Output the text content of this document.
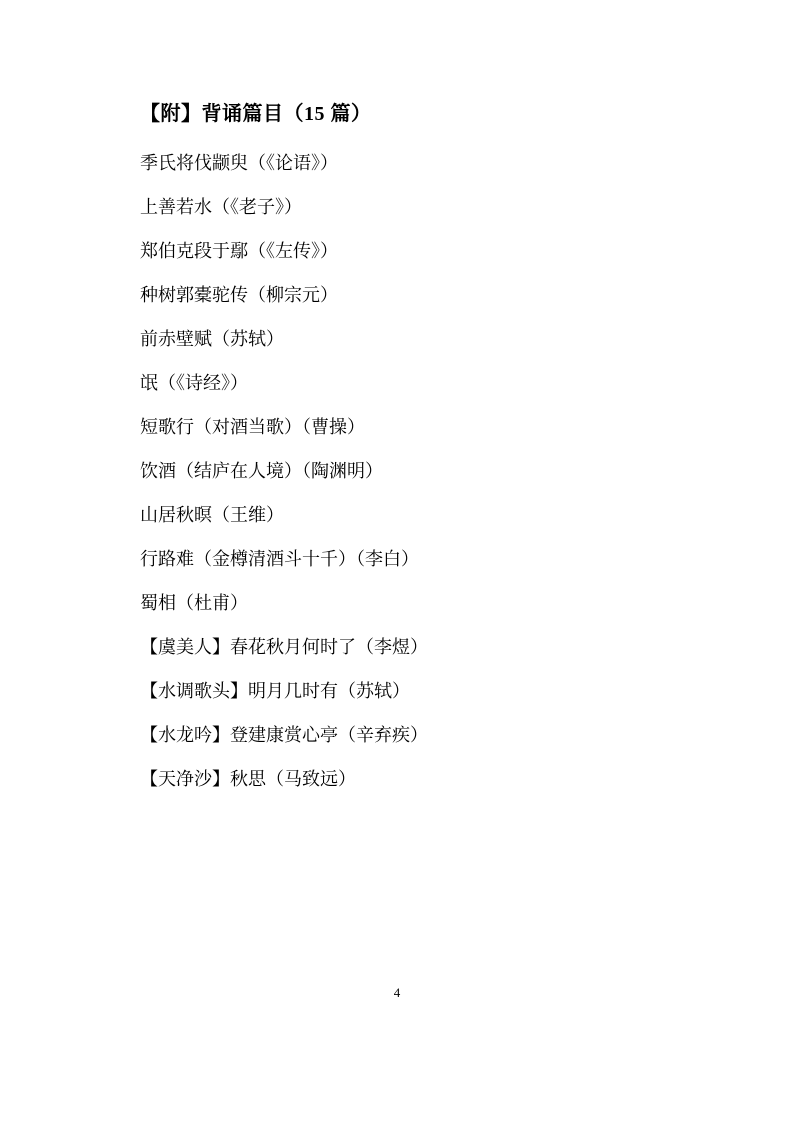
【附】背诵篇目（15 篇）
季氏将伐颛臾（《论语》）
上善若水（《老子》）
郑伯克段于鄢（《左传》）
种树郭橐驼传（柳宗元）
前赤壁赋（苏轼）
氓（《诗经》）
短歌行（对酒当歌）（曹操）
饮酒（结庐在人境）（陶渊明）
山居秋暝（王维）
行路难（金樽清酒斗十千）（李白）
蜀相（杜甫）
【虞美人】春花秋月何时了（李煜）
【水调歌头】明月几时有（苏轼）
【水龙吟】登建康赏心亭（辛弃疾）
【天净沙】秋思（马致远）
4
